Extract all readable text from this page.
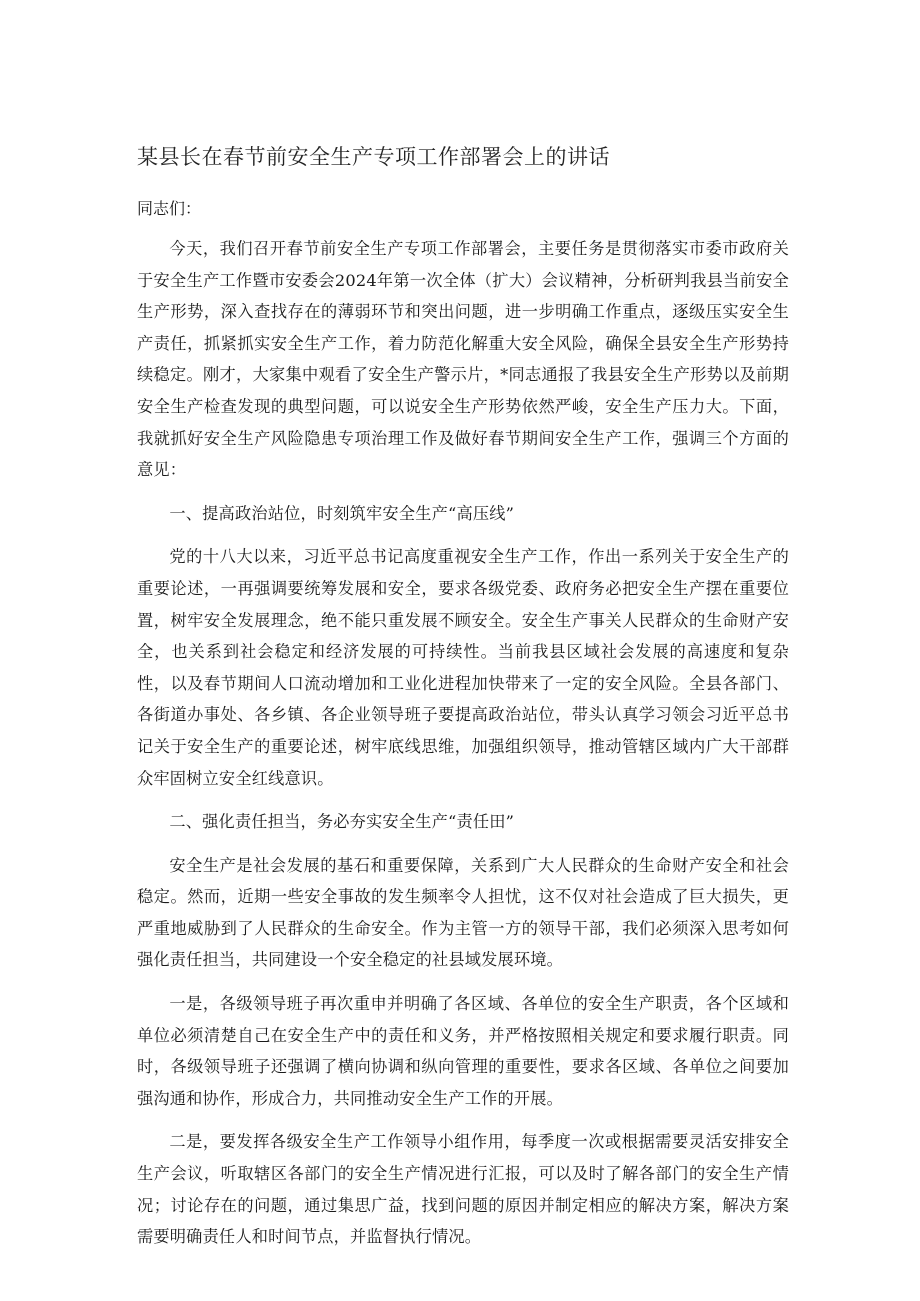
某县长在春节前安全生产专项工作部署会上的讲话
同志们：

今天，我们召开春节前安全生产专项工作部署会，主要任务是贯彻落实市委市政府关于安全生产工作暨市安委会2024年第一次全体（扩大）会议精神，分析研判我县当前安全生产形势，深入查找存在的薄弱环节和突出问题，进一步明确工作重点，逐级压实安全生产责任，抓紧抓实安全生产工作，着力防范化解重大安全风险，确保全县安全生产形势持续稳定。刚才，大家集中观看了安全生产警示片，*同志通报了我县安全生产形势以及前期安全生产检查发现的典型问题，可以说安全生产形势依然严峻，安全生产压力大。下面，我就抓好安全生产风险隐患专项治理工作及做好春节期间安全生产工作，强调三个方面的意见：

一、提高政治站位，时刻筑牢安全生产“高压线”

党的十八大以来，习近平总书记高度重视安全生产工作，作出一系列关于安全生产的重要论述，一再强调要统筹发展和安全，要求各级党委、政府务必把安全生产摆在重要位置，树牢安全发展理念，绝不能只重发展不顾安全。安全生产事关人民群众的生命财产安全，也关系到社会稳定和经济发展的可持续性。当前我县区域社会发展的高速度和复杂性，以及春节期间人口流动增加和工业化进程加快带来了一定的安全风险。全县各部门、各街道办事处、各乡镇、各企业领导班子要提高政治站位，带头认真学习领会习近平总书记关于安全生产的重要论述，树牢底线思维，加强组织领导，推动管辖区域内广大干部群众牢固树立安全红线意识。

二、强化责任担当，务必夯实安全生产“责任田”

安全生产是社会发展的基石和重要保障，关系到广大人民群众的生命财产安全和社会稳定。然而，近期一些安全事故的发生频率令人担忧，这不仅对社会造成了巨大损失，更严重地威胁到了人民群众的生命安全。作为主管一方的领导干部，我们必须深入思考如何强化责任担当，共同建设一个安全稳定的社县域发展环境。

一是，各级领导班子再次重申并明确了各区域、各单位的安全生产职责，各个区域和单位必须清楚自己在安全生产中的责任和义务，并严格按照相关规定和要求履行职责。同时，各级领导班子还强调了横向协调和纵向管理的重要性，要求各区域、各单位之间要加强沟通和协作，形成合力，共同推动安全生产工作的开展。

二是，要发挥各级安全生产工作领导小组作用，每季度一次或根据需要灵活安排安全生产会议，听取辖区各部门的安全生产情况进行汇报，可以及时了解各部门的安全生产情况；讨论存在的问题，通过集思广益，找到问题的原因并制定相应的解决方案，解决方案需要明确责任人和时间节点，并监督执行情况。
